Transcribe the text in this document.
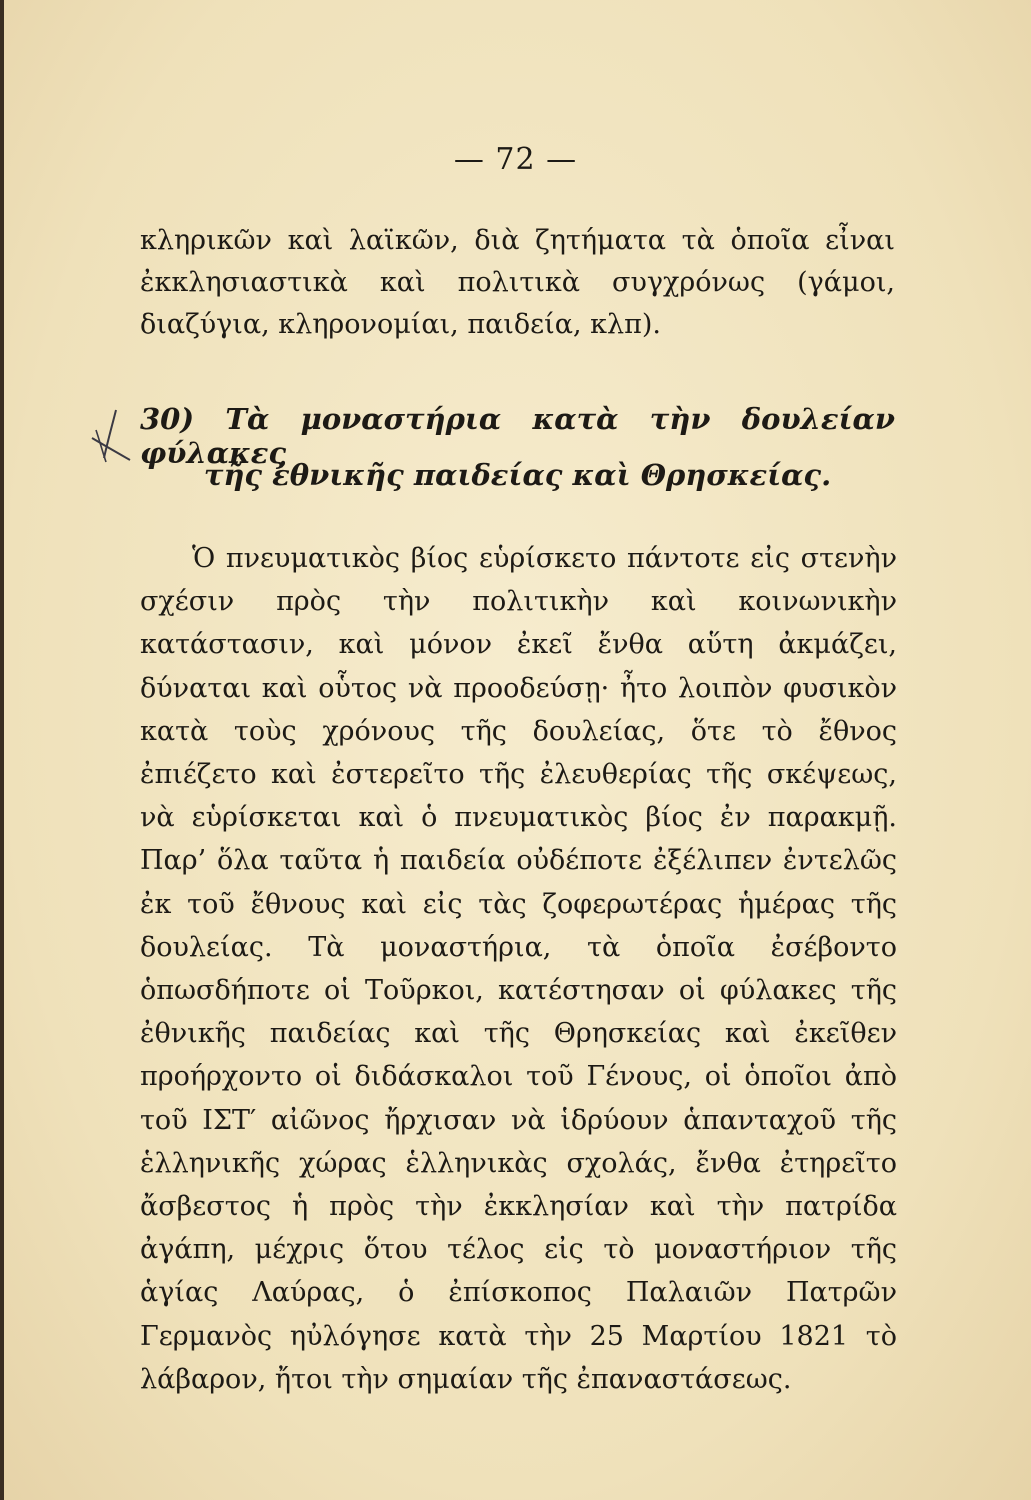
— 72 —
κληρικῶν καὶ λαϊκῶν, διὰ ζητήματα τὰ ὁποῖα εἶναι ἐκκλησιαστικὰ καὶ πολιτικὰ συγχρόνως (γάμοι, διαζύγια, κληρονομίαι, παιδεία, κλπ).
30) Τὰ μοναστήρια κατὰ τὴν δουλείαν φύλακες
τῆς ἐθνικῆς παιδείας καὶ Θρησκείας.
Ὁ πνευματικὸς βίος εὑρίσκετο πάντοτε εἰς στενὴν σχέσιν πρὸς τὴν πολιτικὴν καὶ κοινωνικὴν κατάστασιν, καὶ μόνον ἐκεῖ ἔνθα αὕτη ἀκμάζει, δύναται καὶ οὗτος νὰ προοδεύσῃ· ἦτο λοιπὸν φυσικὸν κατὰ τοὺς χρόνους τῆς δουλείας, ὅτε τὸ ἔθνος ἐπιέζετο καὶ ἐστερεῖτο τῆς ἐλευθερίας τῆς σκέψεως, νὰ εὑρίσκεται καὶ ὁ πνευματικὸς βίος ἐν παρακμῇ. Παρ’ ὅλα ταῦτα ἡ παιδεία οὐδέποτε ἐξέλιπεν ἐντελῶς ἐκ τοῦ ἔθνους καὶ εἰς τὰς ζοφερωτέρας ἡμέρας τῆς δουλείας. Τὰ μοναστήρια, τὰ ὁποῖα ἐσέβοντο ὁπωσδήποτε οἱ Τοῦρκοι, κατέστησαν οἱ φύλακες τῆς ἐθνικῆς παιδείας καὶ τῆς Θρησκείας καὶ ἐκεῖθεν προήρχοντο οἱ διδάσκαλοι τοῦ Γένους, οἱ ὁποῖοι ἀπὸ τοῦ ΙΣΤ′ αἰῶνος ἤρχισαν νὰ ἱδρύουν ἁπανταχοῦ τῆς ἑλληνικῆς χώρας ἑλληνικὰς σχολάς, ἔνθα ἐτηρεῖτο ἄσβεστος ἡ πρὸς τὴν ἐκκλησίαν καὶ τὴν πατρίδα ἀγάπη, μέχρις ὅτου τέλος εἰς τὸ μοναστήριον τῆς ἁγίας Λαύρας, ὁ ἐπίσκοπος Παλαιῶν Πατρῶν Γερμανὸς ηὐλόγησε κατὰ τὴν 25 Μαρτίου 1821 τὸ λάβαρον, ἤτοι τὴν σημαίαν τῆς ἐπαναστάσεως.
